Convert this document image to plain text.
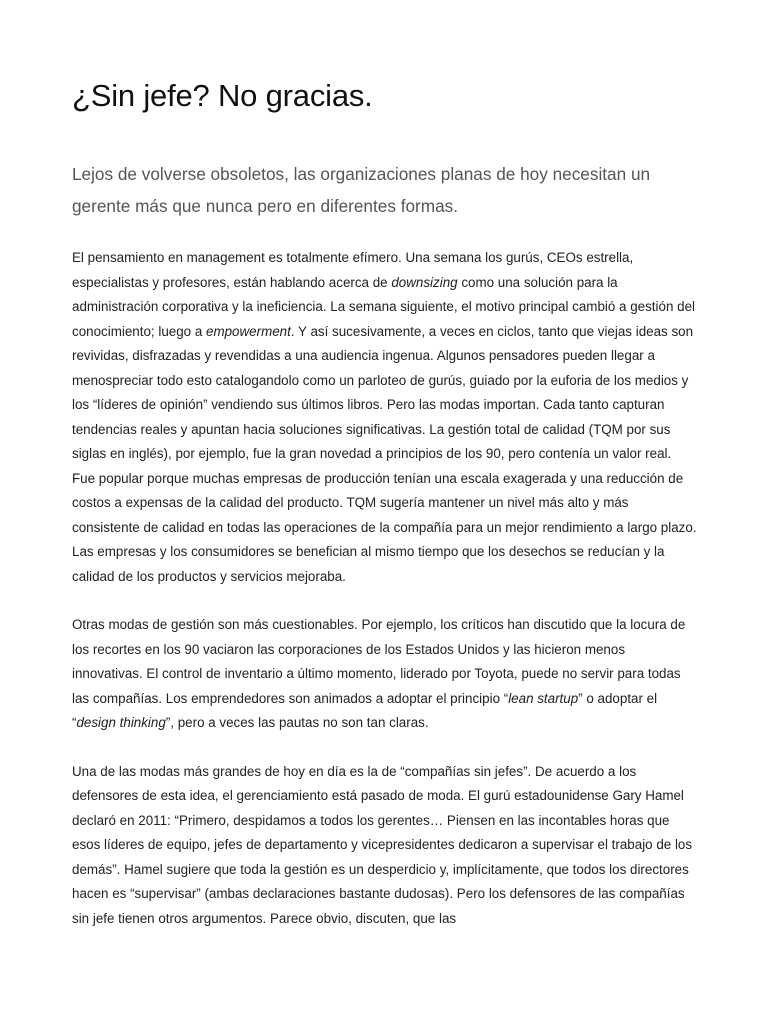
¿Sin jefe? No gracias.
Lejos de volverse obsoletos, las organizaciones planas de hoy necesitan un gerente más que nunca pero en diferentes formas.

El pensamiento en management es totalmente efímero. Una semana los gurús, CEOs estrella, especialistas y profesores, están hablando acerca de downsizing como una solución para la administración corporativa y la ineficiencia. La semana siguiente, el motivo principal cambió a gestión del conocimiento; luego a empowerment. Y así sucesivamente, a veces en ciclos, tanto que viejas ideas son revividas, disfrazadas y revendidas a una audiencia ingenua. Algunos pensadores pueden llegar a menospreciar todo esto catalogandolo como un parloteo de gurús, guiado por la euforia de los medios y los “líderes de opinión” vendiendo sus últimos libros. Pero las modas importan. Cada tanto capturan tendencias reales y apuntan hacia soluciones significativas. La gestión total de calidad (TQM por sus siglas en inglés), por ejemplo, fue la gran novedad a principios de los 90, pero contenía un valor real. Fue popular porque muchas empresas de producción tenían una escala exagerada y una reducción de costos a expensas de la calidad del producto. TQM sugería mantener un nivel más alto y más consistente de calidad en todas las operaciones de la compañía para un mejor rendimiento a largo plazo. Las empresas y los consumidores se benefician al mismo tiempo que los desechos se reducían y la calidad de los productos y servicios mejoraba.

Otras modas de gestión son más cuestionables. Por ejemplo, los críticos han discutido que la locura de los recortes en los 90 vaciaron las corporaciones de los Estados Unidos y las hicieron menos innovativas. El control de inventario a último momento, liderado por Toyota, puede no servir para todas las compañías. Los emprendedores son animados a adoptar el principio “lean startup” o adoptar el “design thinking”, pero a veces las pautas no son tan claras.

Una de las modas más grandes de hoy en día es la de “compañías sin jefes”. De acuerdo a los defensores de esta idea, el gerenciamiento está pasado de moda. El gurú estadounidense Gary Hamel declaró en 2011: “Primero, despidamos a todos los gerentes… Piensen en las incontables horas que esos líderes de equipo, jefes de departamento y vicepresidentes dedicaron a supervisar el trabajo de los demás”. Hamel sugiere que toda la gestión es un desperdicio y, implícitamente, que todos los directores hacen es “supervisar” (ambas declaraciones bastante dudosas). Pero los defensores de las compañías sin jefe tienen otros argumentos. Parece obvio, discuten, que las
